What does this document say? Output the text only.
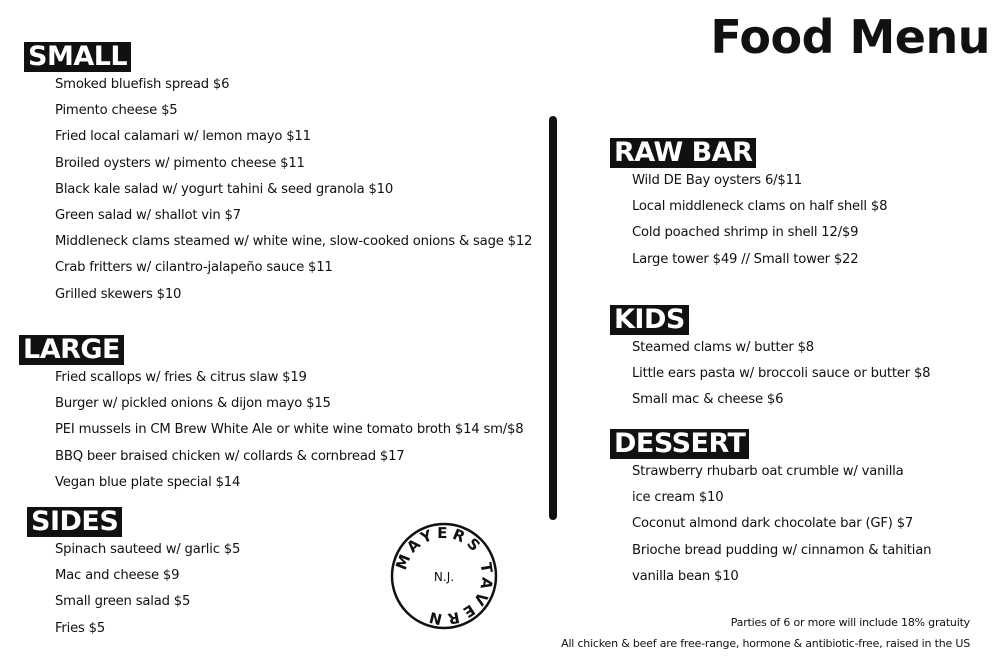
Food Menu
SMALL
Smoked bluefish spread $6
Pimento cheese $5
Fried local calamari w/ lemon mayo $11
Broiled oysters w/ pimento cheese $11
Black kale salad w/ yogurt tahini & seed granola $10
Green salad w/ shallot vin $7
Middleneck clams steamed w/ white wine, slow-cooked onions & sage $12
Crab fritters w/ cilantro-jalapeño sauce $11
Grilled skewers $10
LARGE
Fried scallops w/ fries & citrus slaw $19
Burger w/ pickled onions & dijon mayo $15
PEI mussels in CM Brew White Ale or white wine tomato broth $14 sm/$8
BBQ beer braised chicken w/ collards & cornbread $17
Vegan blue plate special $14
SIDES
Spinach sauteed w/ garlic $5
Mac and cheese $9
Small green salad $5
Fries $5
RAW BAR
Wild DE Bay oysters 6/$11
Local middleneck clams on half shell $8
Cold poached shrimp in shell 12/$9
Large tower $49 // Small tower $22
KIDS
Steamed clams w/ butter $8
Little ears pasta w/ broccoli sauce or butter $8
Small mac & cheese $6
DESSERT
Strawberry rhubarb oat crumble w/ vanilla
ice cream $10
Coconut almond dark chocolate bar (GF) $7
Brioche bread pudding w/ cinnamon & tahitian
vanilla bean $10
MAYERS TAVERN
N.J.
Parties of 6 or more will include 18% gratuity
All chicken & beef are free-range, hormone & antibiotic-free, raised in the US
